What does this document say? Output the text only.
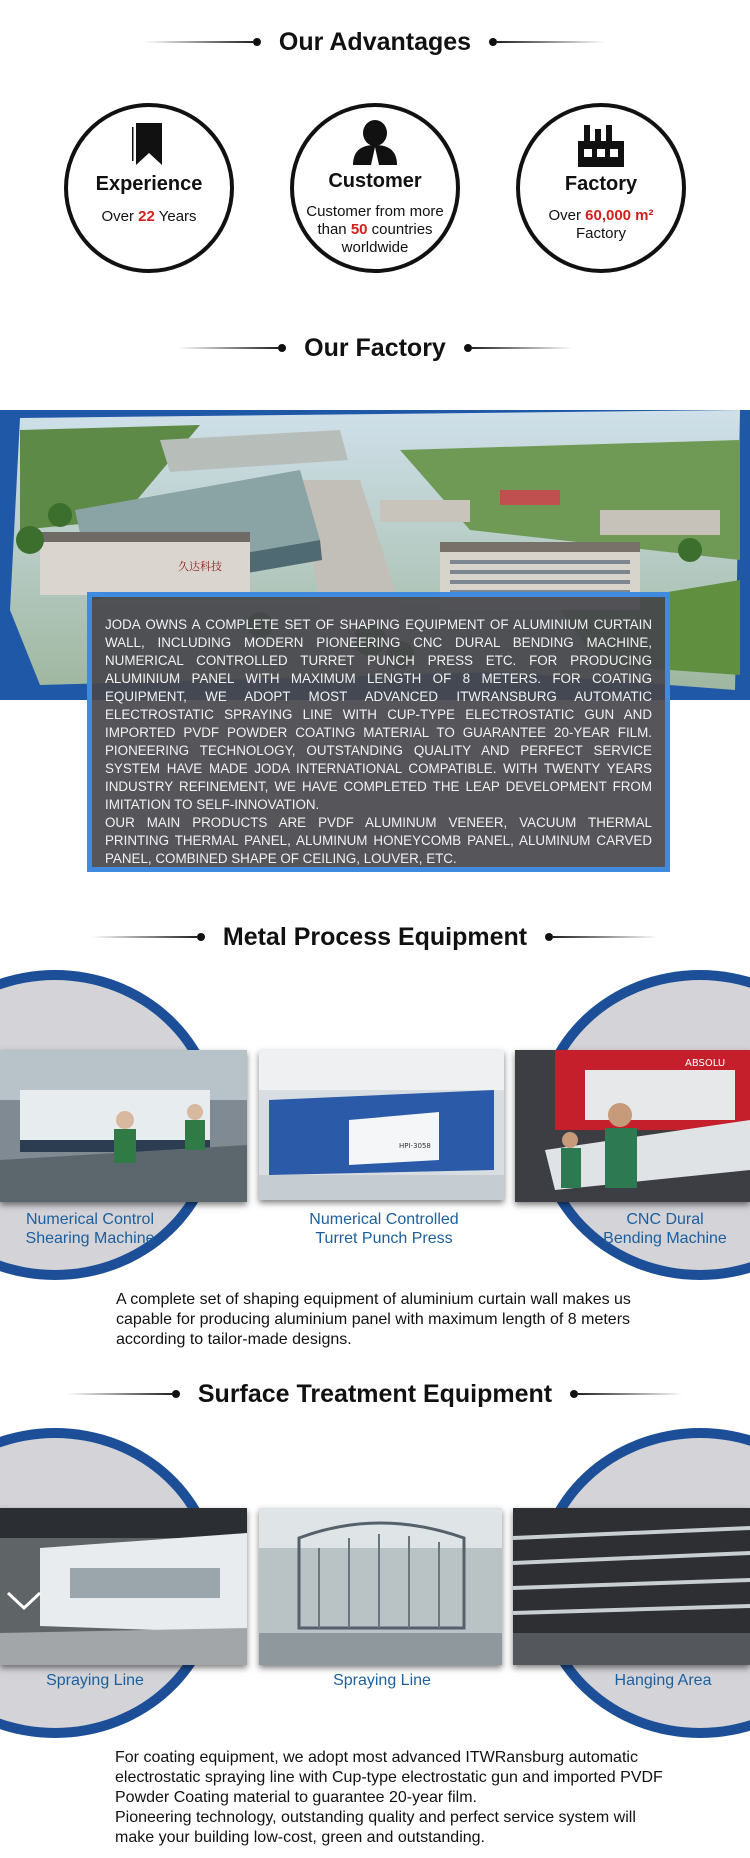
Our Advantages
Experience
Over 22 Years
Customer
Customer from more
than 50 countries
worldwide
Factory
Over 60,000 m²
Factory
Our Factory
久达科技

JODA OWNS A COMPLETE SET OF SHAPING EQUIPMENT OF ALUMINIUM CURTAIN WALL, INCLUDING MODERN PIONEERING CNC DURAL BENDING MACHINE, NUMERICAL CONTROLLED TURRET PUNCH PRESS ETC. FOR PRODUCING ALUMINIUM PANEL WITH MAXIMUM LENGTH OF 8 METERS. FOR COATING EQUIPMENT, WE ADOPT MOST ADVANCED ITWRANSBURG AUTOMATIC ELECTROSTATIC SPRAYING LINE WITH CUP-TYPE ELECTROSTATIC GUN AND IMPORTED PVDF POWDER COATING MATERIAL TO GUARANTEE 20-YEAR FILM. PIONEERING TECHNOLOGY, OUTSTANDING QUALITY AND PERFECT SERVICE SYSTEM HAVE MADE JODA INTERNATIONAL COMPATIBLE. WITH TWENTY YEARS INDUSTRY REFINEMENT, WE HAVE COMPLETED THE LEAP DEVELOPMENT FROM IMITATION TO SELF-INNOVATION.

OUR MAIN PRODUCTS ARE PVDF ALUMINUM VENEER, VACUUM THERMAL PRINTING THERMAL PANEL, ALUMINUM HONEYCOMB PANEL, ALUMINUM CARVED PANEL, COMBINED SHAPE OF CEILING, LOUVER, ETC.

Metal Process Equipment
HPI-3058
ABSOLU
Numerical Control
Shearing Machine
Numerical Controlled
Turret Punch Press
CNC Dural
Bending Machine
A complete set of shaping equipment of aluminium curtain wall makes us
capable for producing aluminium panel with maximum length of 8 meters
according to tailor-made designs.
Surface Treatment Equipment
Spraying Line	Spraying Line	Hanging Area
For coating equipment, we adopt most advanced ITWRansburg automatic
electrostatic spraying line with Cup-type electrostatic gun and imported PVDF
Powder Coating material to guarantee 20-year film.
Pioneering technology, outstanding quality and perfect service system will
make your building low-cost, green and outstanding.
